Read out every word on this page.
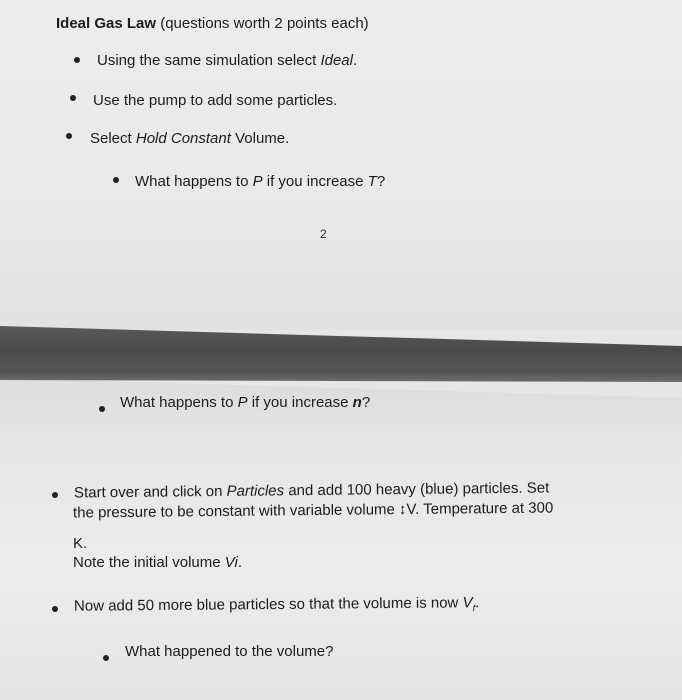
Ideal Gas Law (questions worth 2 points each)
Using the same simulation select Ideal.
Use the pump to add some particles.
Select Hold Constant Volume.
What happens to P if you increase T?
2
What happens to P if you increase n?
Start over and click on Particles and add 100 heavy (blue) particles. Set
the pressure to be constant with variable volume ↕V. Temperature at 300
K.
Note the initial volume Vi.
Now add 50 more blue particles so that the volume is now $V_f$.
What happened to the volume?
